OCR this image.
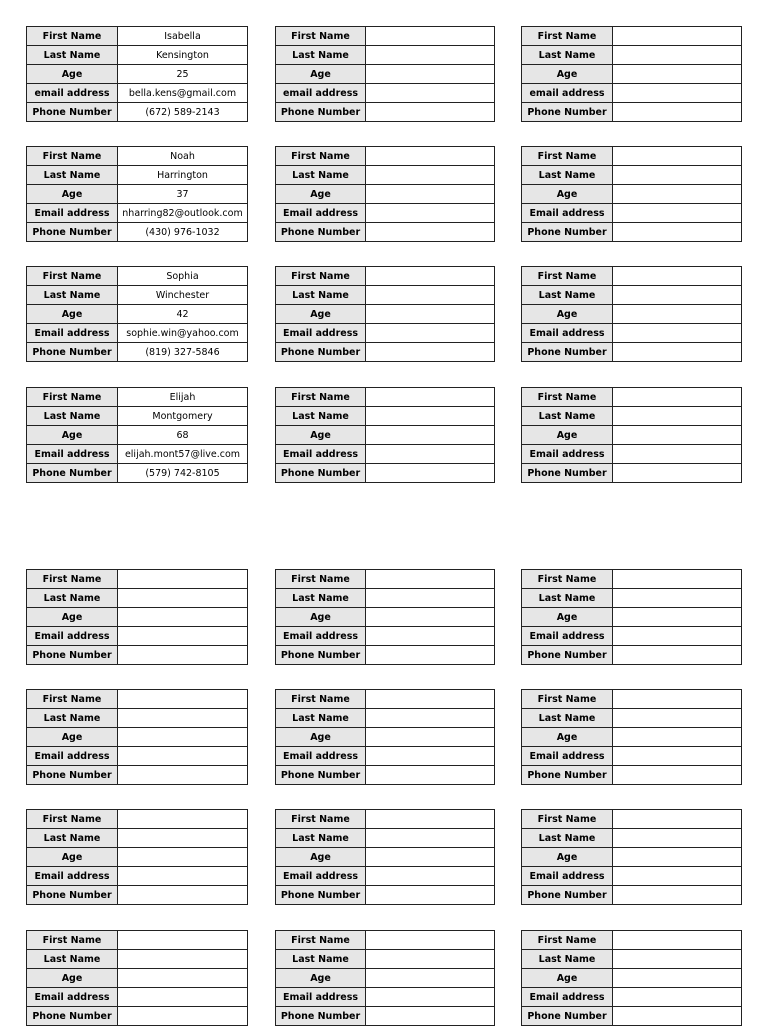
First Name	Isabella
Last Name	Kensington
Age	25
email address	bella.kens@gmail.com
Phone Number	(672) 589-2143
First Name	
Last Name	
Age	
email address	
Phone Number	
First Name	
Last Name	
Age	
email address	
Phone Number	
First Name	Noah
Last Name	Harrington
Age	37
Email address	nharring82@outlook.com
Phone Number	(430) 976-1032
First Name	
Last Name	
Age	
Email address	
Phone Number	
First Name	
Last Name	
Age	
Email address	
Phone Number	
First Name	Sophia
Last Name	Winchester
Age	42
Email address	sophie.win@yahoo.com
Phone Number	(819) 327-5846
First Name	
Last Name	
Age	
Email address	
Phone Number	
First Name	
Last Name	
Age	
Email address	
Phone Number	
First Name	Elijah
Last Name	Montgomery
Age	68
Email address	elijah.mont57@live.com
Phone Number	(579) 742-8105
First Name	
Last Name	
Age	
Email address	
Phone Number	
First Name	
Last Name	
Age	
Email address	
Phone Number	
First Name	
Last Name	
Age	
Email address	
Phone Number	
First Name	
Last Name	
Age	
Email address	
Phone Number	
First Name	
Last Name	
Age	
Email address	
Phone Number	
First Name	
Last Name	
Age	
Email address	
Phone Number	
First Name	
Last Name	
Age	
Email address	
Phone Number	
First Name	
Last Name	
Age	
Email address	
Phone Number	
First Name	
Last Name	
Age	
Email address	
Phone Number	
First Name	
Last Name	
Age	
Email address	
Phone Number	
First Name	
Last Name	
Age	
Email address	
Phone Number	
First Name	
Last Name	
Age	
Email address	
Phone Number	
First Name	
Last Name	
Age	
Email address	
Phone Number	
First Name	
Last Name	
Age	
Email address	
Phone Number	
